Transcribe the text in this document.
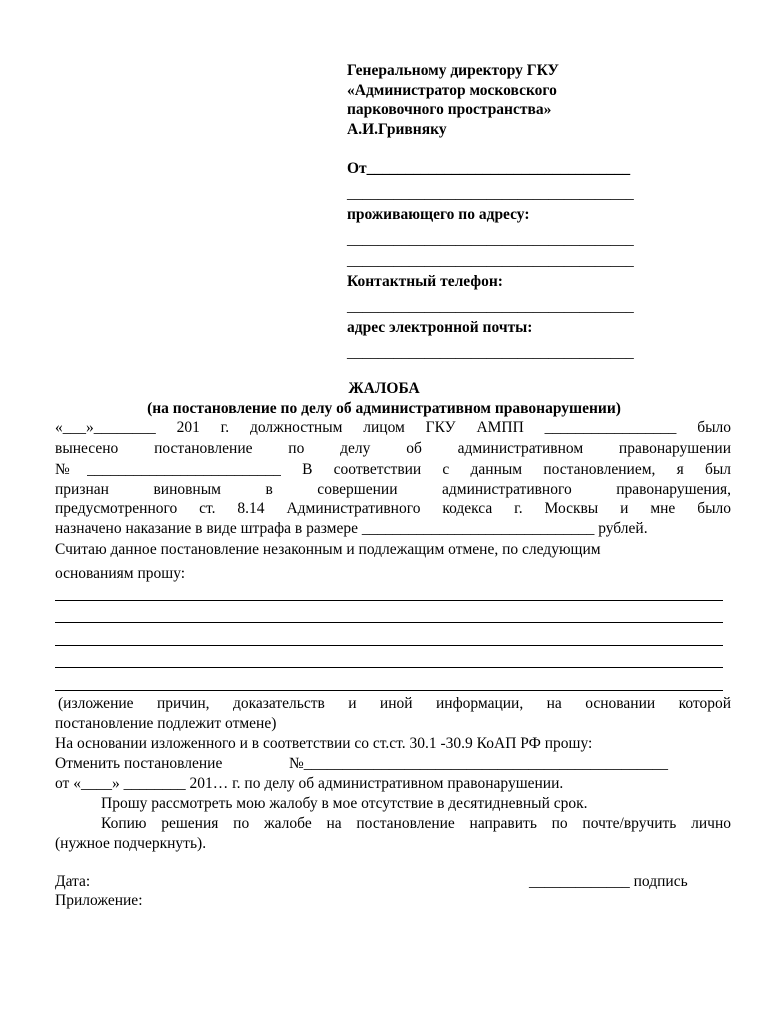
Генеральному директору ГКУ
«Администратор московского
парковочного пространства»
А.И.Гривняку
От__________________________________
_____________________________________
проживающего по адресу:
_____________________________________
_____________________________________
Контактный телефон:
_____________________________________
адрес электронной почты:
_____________________________________
ЖАЛОБА
(на постановление по делу об административном правонарушении)
«___»________ 201 г. должностным лицом ГКУ АМПП _________________ было
вынесено постановление по делу об административном правонарушении
№_________________________ В соответствии с данным постановлением, я был
признан виновным в совершении административного правонарушения,
предусмотренного ст. 8.14 Административного кодекса г. Москвы и мне было
назначено наказание в виде штрафа в размере ______________________________ рублей.
Считаю данное постановление незаконным и подлежащим отмене, по следующим
основаниям прошу:
(изложение причин, доказательств и иной информации, на основании которой
постановление подлежит отмене)
На основании изложенного и в соответствии со ст.ст. 30.1 -30.9 КоАП РФ прошу:
Отменить постановление	№_______________________________________________
от «____» ________ 201… г. по делу об административном правонарушении.
Прошу рассмотреть мою жалобу в мое отсутствие в десятидневный срок.
Копию решения по жалобе на постановление направить по почте/вручить лично
(нужное подчеркнуть).
Дата:	_____________ подпись
Приложение:
